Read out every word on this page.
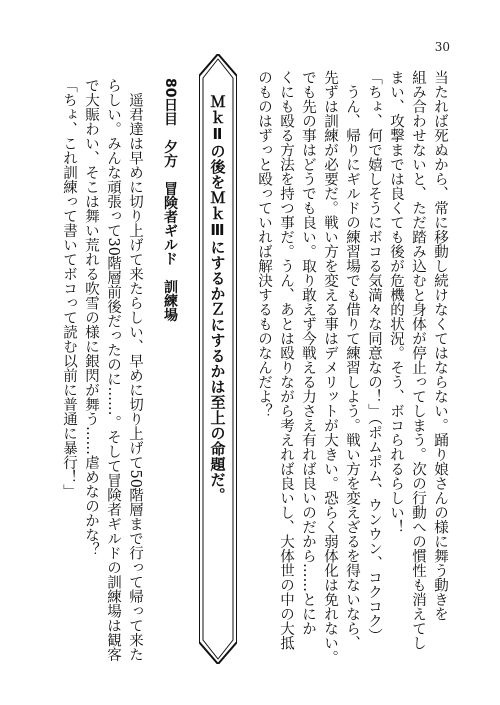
30
当たれば死ぬから、常に移動し続けなくてはならない。踊り娘さんの様に舞う動きを
組み合わせないと、ただ踏み込むと身体が停止ってしまう。次の行動への慣性も消えてし
まい、攻撃までは良くても後が危機的状況。そう、ボコられるらしい！
「ちょ、何で嬉しそうにボコる気満々な同意なの！」（ポムポム、ウンウン、コクコク）
　うん、帰りにギルドの練習場でも借りて練習しよう。戦い方を変えざるを得ないなら、
先ずは訓練が必要だ。戦い方を変える事はデメリットが大きい。恐らく弱体化は免れない。
でも先の事はどうでも良い。取り敢えず今戦える力さえ有れば良いのだから……とにか
くにも殴る方法を持つ事だ。うん、あとは殴りながら考えれば良いし、大体世の中の大抵
のものはずっと殴っていれば解決するものなんだよ？
ＭｋⅡの後をＭｋⅢにするかＺにするかは至上の命題だ。
80日目　夕方　冒険者ギルド　訓練場
　遥君達は早めに切り上げて来たらしい、早めに切り上げて50階層まで行って帰って来た
らしい。みんな頑張って30階層前後だったのに……。そして冒険者ギルドの訓練場は観客
で大賑わい、そこは舞い荒れる吹雪の様に銀閃が舞う……虐めなのかな？
「ちょ、これ訓練って書いてボコって読む以前に普通に暴行！」
